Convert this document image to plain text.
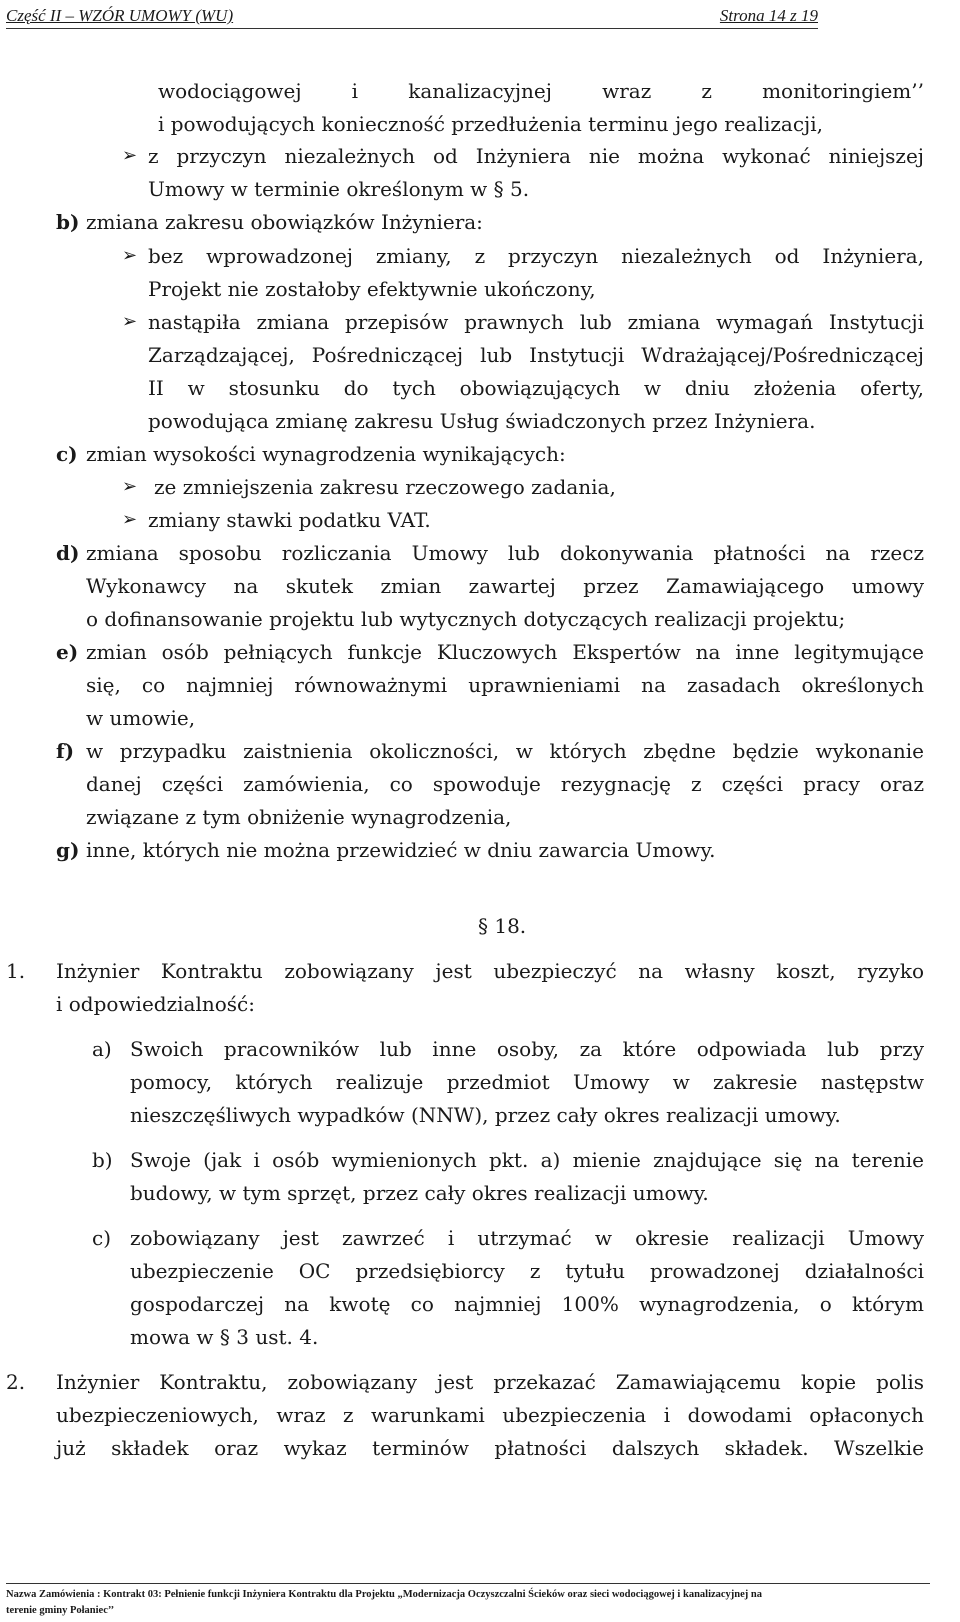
Część II – WZÓR UMOWY (WU)	Strona 14 z 19
wodociągowej i kanalizacyjnej wraz z monitoringiem’’
i powodujących konieczność przedłużenia terminu jego realizacji,
➢ z przyczyn niezależnych od Inżyniera nie można wykonać niniejszej
Umowy w terminie określonym w § 5.
b) zmiana zakresu obowiązków Inżyniera:
➢ bez wprowadzonej zmiany, z przyczyn niezależnych od Inżyniera,
Projekt nie zostałoby efektywnie ukończony,
➢ nastąpiła zmiana przepisów prawnych lub zmiana wymagań Instytucji
Zarządzającej, Pośredniczącej lub Instytucji Wdrażającej/Pośredniczącej
II w stosunku do tych obowiązujących w dniu złożenia oferty,
powodująca zmianę zakresu Usług świadczonych przez Inżyniera.
c) zmian wysokości wynagrodzenia wynikających:
➢ ze zmniejszenia zakresu rzeczowego zadania,
➢ zmiany stawki podatku VAT.
d) zmiana sposobu rozliczania Umowy lub dokonywania płatności na rzecz
Wykonawcy na skutek zmian zawartej przez Zamawiającego umowy
o dofinansowanie projektu lub wytycznych dotyczących realizacji projektu;
e) zmian osób pełniących funkcje Kluczowych Ekspertów na inne legitymujące
się, co najmniej równoważnymi uprawnieniami na zasadach określonych
w umowie,
f) w przypadku zaistnienia okoliczności, w których zbędne będzie wykonanie
danej części zamówienia, co spowoduje rezygnację z części pracy oraz
związane z tym obniżenie wynagrodzenia,
g) inne, których nie można przewidzieć w dniu zawarcia Umowy.
§ 18.
1. Inżynier Kontraktu zobowiązany jest ubezpieczyć na własny koszt, ryzyko
i odpowiedzialność:
a) Swoich pracowników lub inne osoby, za które odpowiada lub przy
pomocy, których realizuje przedmiot Umowy w zakresie następstw
nieszczęśliwych wypadków (NNW), przez cały okres realizacji umowy.
b) Swoje (jak i osób wymienionych pkt. a) mienie znajdujące się na terenie
budowy, w tym sprzęt, przez cały okres realizacji umowy.
c) zobowiązany jest zawrzeć i utrzymać w okresie realizacji Umowy
ubezpieczenie OC przedsiębiorcy z tytułu prowadzonej działalności
gospodarczej na kwotę co najmniej 100% wynagrodzenia, o którym
mowa w § 3 ust. 4.
2. Inżynier Kontraktu, zobowiązany jest przekazać Zamawiającemu kopie polis
ubezpieczeniowych, wraz z warunkami ubezpieczenia i dowodami opłaconych
już składek oraz wykaz terminów płatności dalszych składek. Wszelkie
Nazwa Zamówienia : Kontrakt 03: Pełnienie funkcji Inżyniera Kontraktu dla Projektu „Modernizacja Oczyszczalni Ścieków oraz sieci wodociągowej i kanalizacyjnej na
terenie gminy Połaniec’’
